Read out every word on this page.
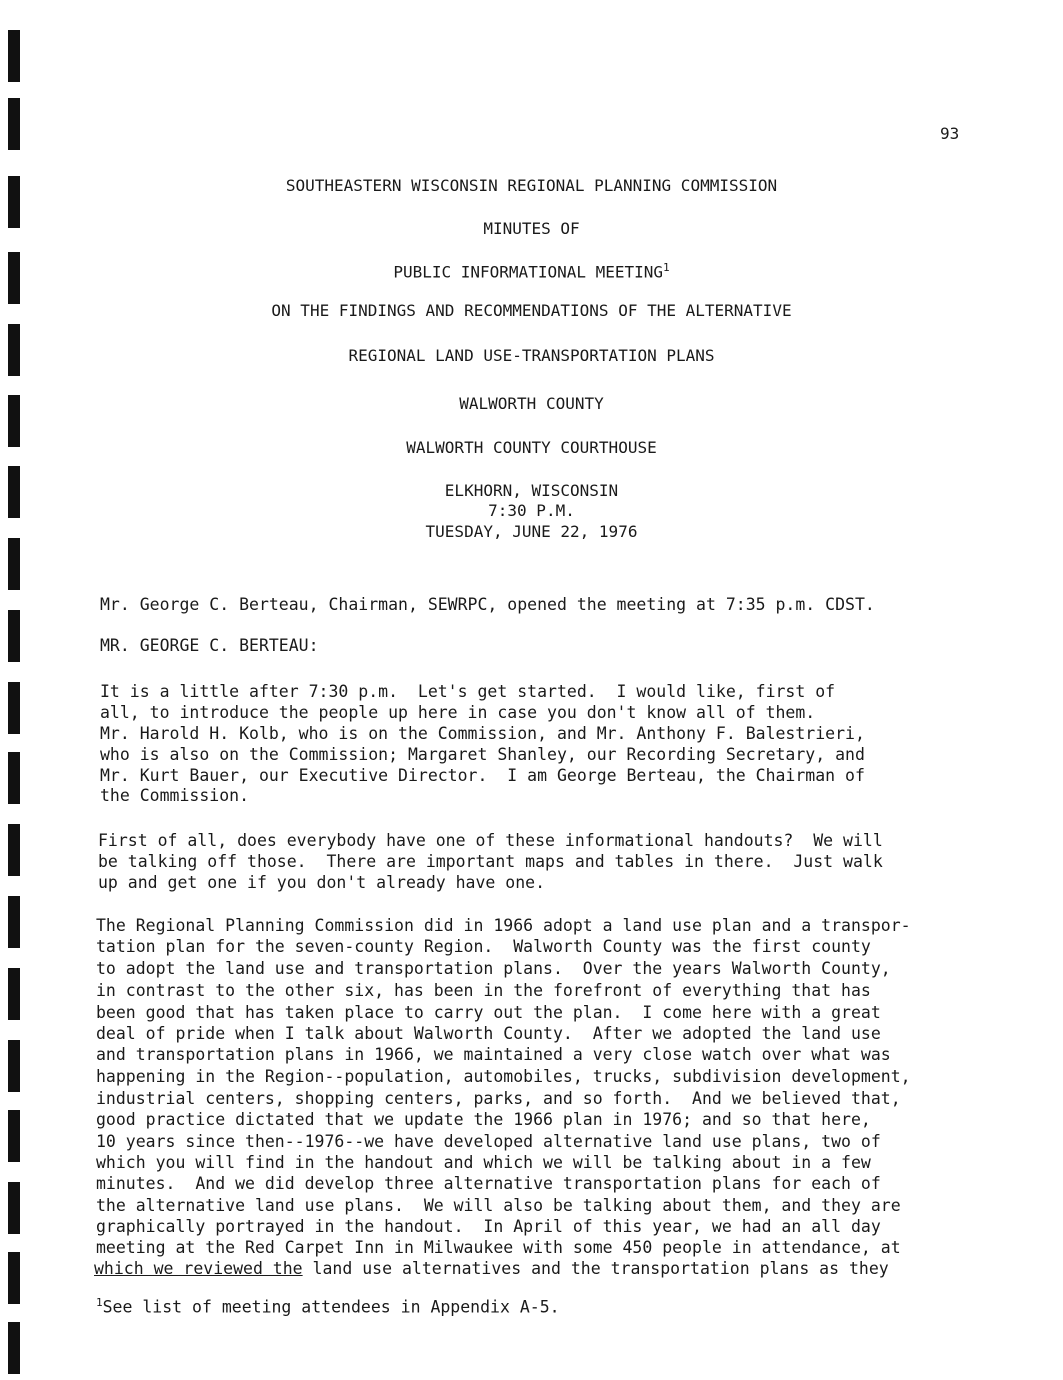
93
SOUTHEASTERN WISCONSIN REGIONAL PLANNING COMMISSION
MINUTES OF
PUBLIC INFORMATIONAL MEETING$^1$
ON THE FINDINGS AND RECOMMENDATIONS OF THE ALTERNATIVE
REGIONAL LAND USE-TRANSPORTATION PLANS
WALWORTH COUNTY
WALWORTH COUNTY COURTHOUSE
ELKHORN, WISCONSIN
7:30 P.M.
TUESDAY, JUNE 22, 1976
Mr. George C. Berteau, Chairman, SEWRPC, opened the meeting at 7:35 p.m. CDST.
MR. GEORGE C. BERTEAU:
It is a little after 7:30 p.m.  Let's get started.  I would like, first of
all, to introduce the people up here in case you don't know all of them.
Mr. Harold H. Kolb, who is on the Commission, and Mr. Anthony F. Balestrieri,
who is also on the Commission; Margaret Shanley, our Recording Secretary, and
Mr. Kurt Bauer, our Executive Director.  I am George Berteau, the Chairman of
the Commission.
First of all, does everybody have one of these informational handouts?  We will
be talking off those.  There are important maps and tables in there.  Just walk
up and get one if you don't already have one.
The Regional Planning Commission did in 1966 adopt a land use plan and a transpor-
tation plan for the seven-county Region.  Walworth County was the first county
to adopt the land use and transportation plans.  Over the years Walworth County,
in contrast to the other six, has been in the forefront of everything that has
been good that has taken place to carry out the plan.  I come here with a great
deal of pride when I talk about Walworth County.  After we adopted the land use
and transportation plans in 1966, we maintained a very close watch over what was
happening in the Region--population, automobiles, trucks, subdivision development,
industrial centers, shopping centers, parks, and so forth.  And we believed that,
good practice dictated that we update the 1966 plan in 1976; and so that here,
10 years since then--1976--we have developed alternative land use plans, two of
which you will find in the handout and which we will be talking about in a few
minutes.  And we did develop three alternative transportation plans for each of
the alternative land use plans.  We will also be talking about them, and they are
graphically portrayed in the handout.  In April of this year, we had an all day
meeting at the Red Carpet Inn in Milwaukee with some 450 people in attendance, at
which we reviewed the land use alternatives and the transportation plans as they
$^1$See list of meeting attendees in Appendix A-5.
